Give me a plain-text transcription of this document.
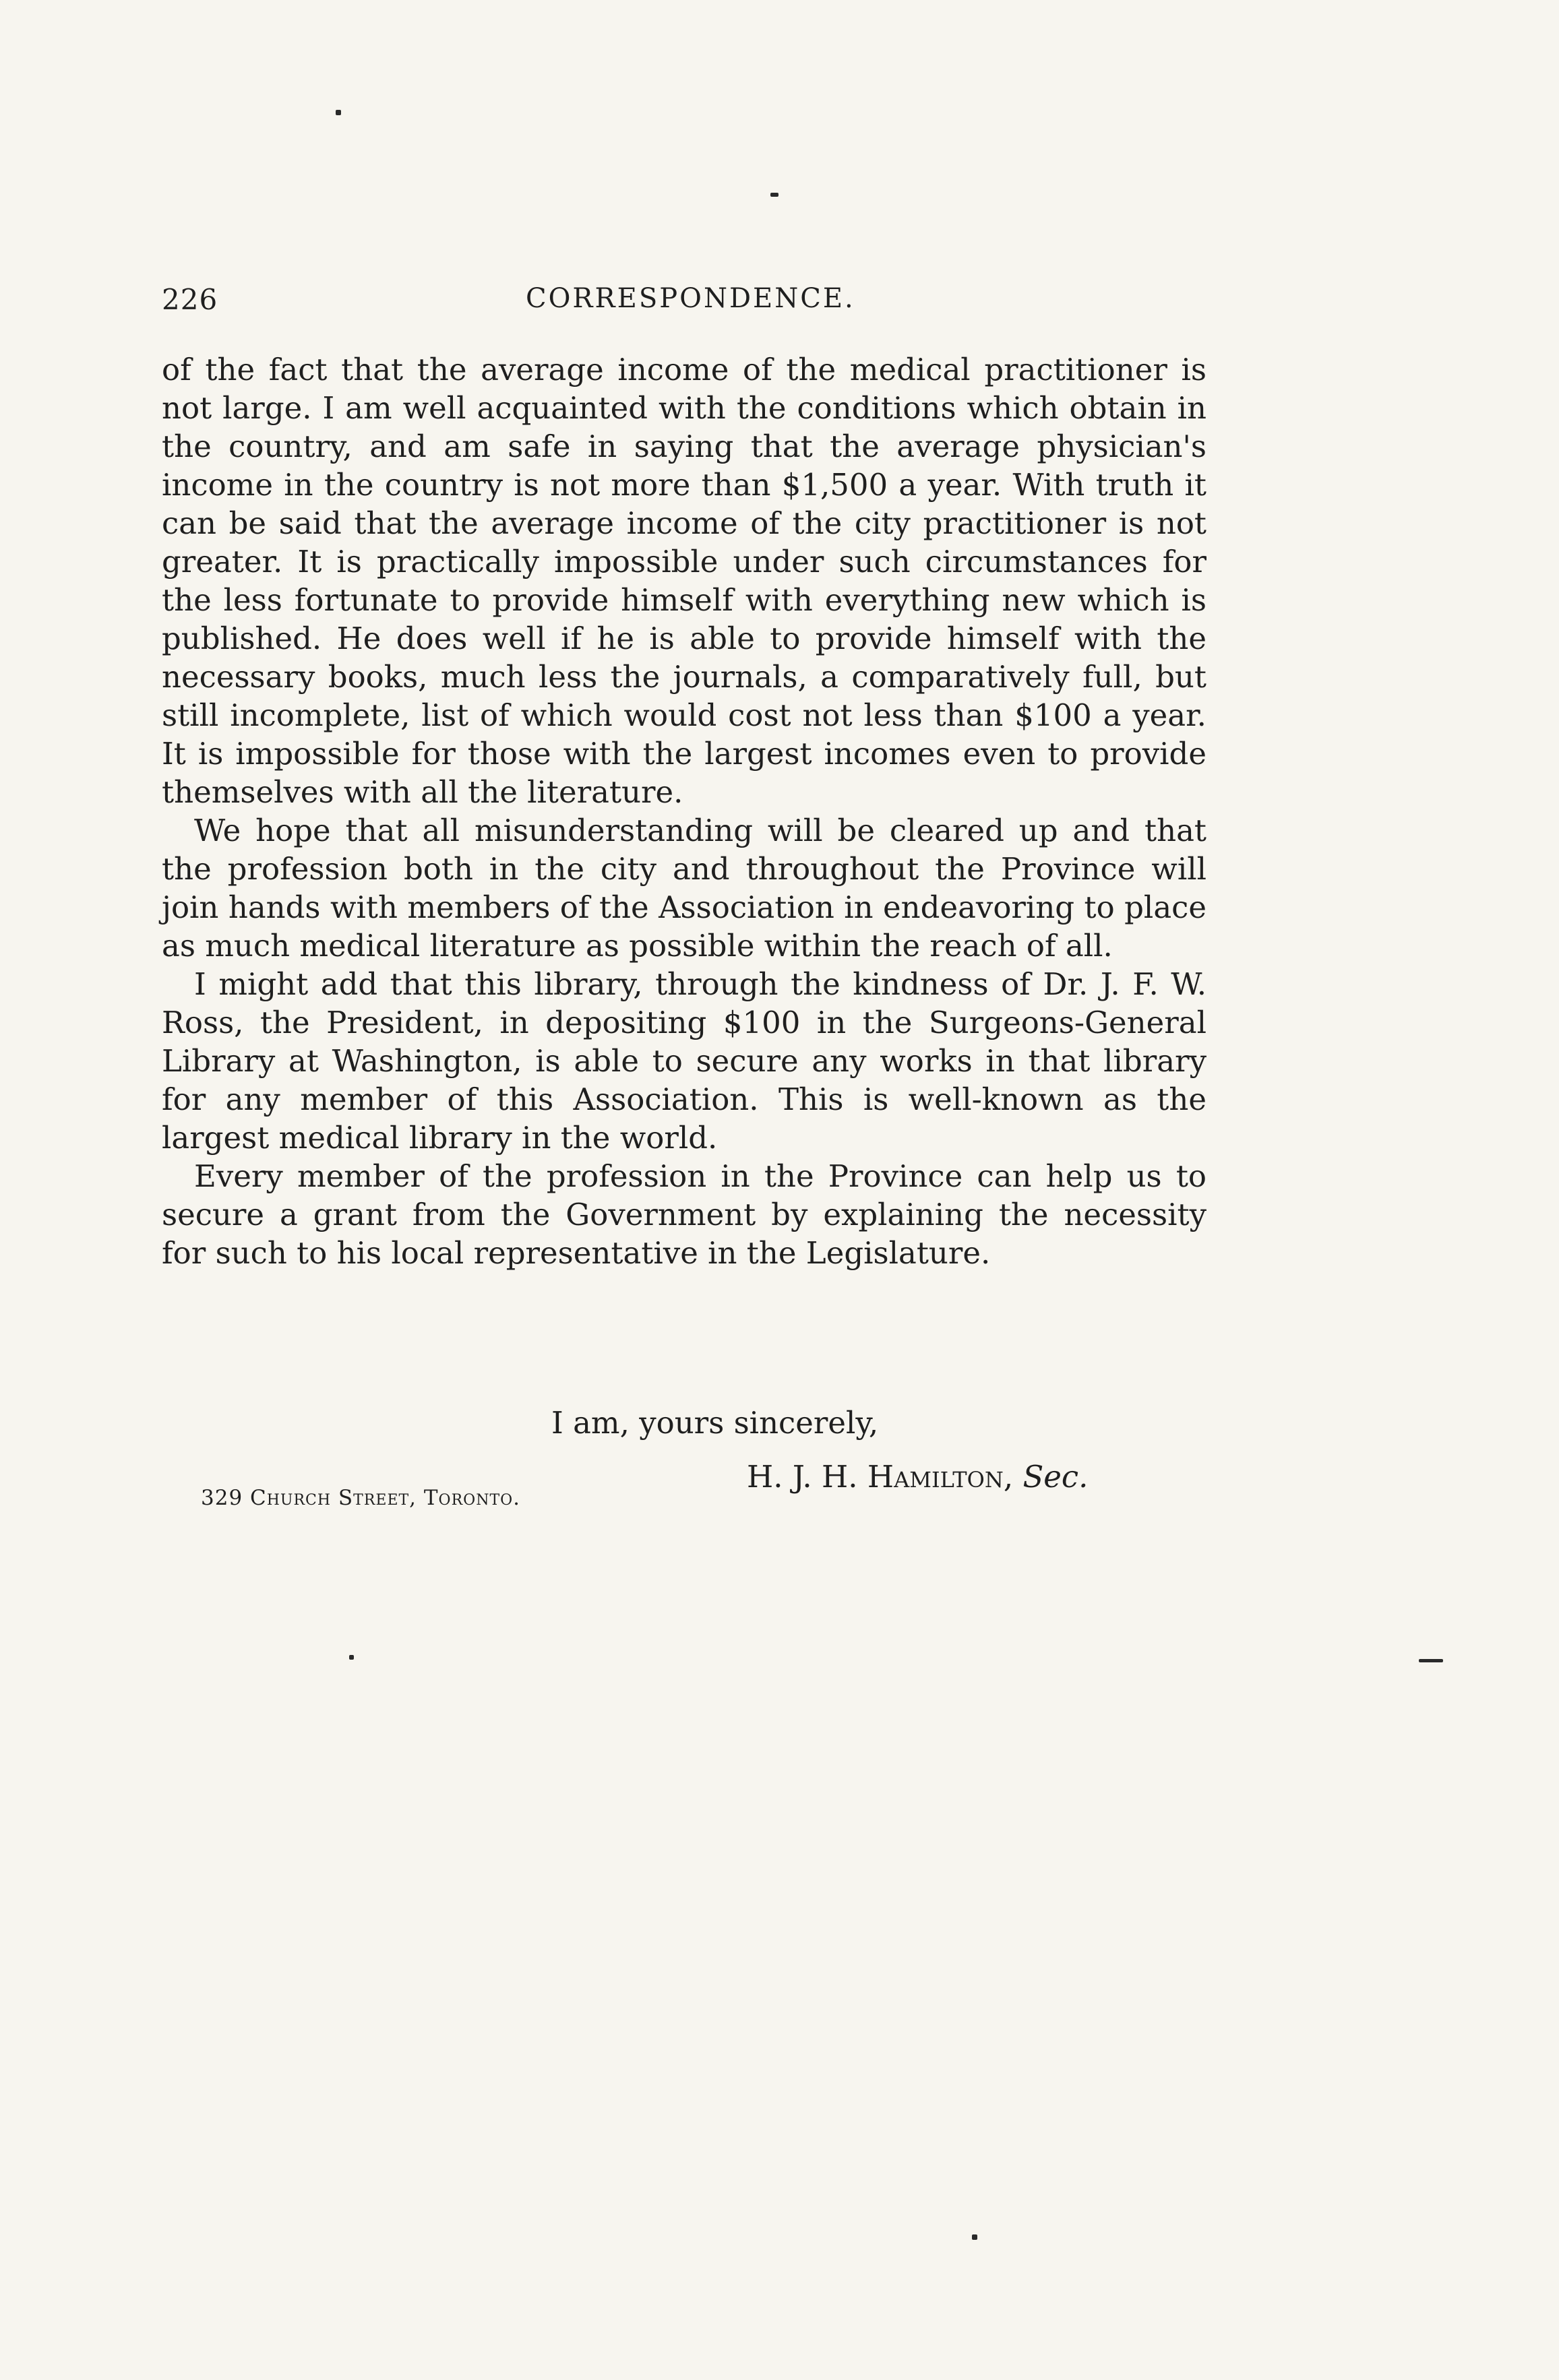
226	CORRESPONDENCE.

of the fact that the average income of the medical practitioner is not large. I am well acquainted with the conditions which obtain in the country, and am safe in saying that the average physician's income in the country is not more than $1,500 a year. With truth it can be said that the average income of the city practitioner is not greater. It is practically impossible under such circumstances for the less fortunate to provide himself with everything new which is published. He does well if he is able to provide himself with the necessary books, much less the journals, a comparatively full, but still incomplete, list of which would cost not less than $100 a year. It is impossible for those with the largest incomes even to provide themselves with all the literature.

We hope that all misunderstanding will be cleared up and that the profession both in the city and throughout the Province will join hands with members of the Association in endeavoring to place as much medical literature as possible within the reach of all.

I might add that this library, through the kindness of Dr. J. F. W. Ross, the President, in depositing $100 in the Surgeons-General Library at Washington, is able to secure any works in that library for any member of this Association. This is well-known as the largest medical library in the world.

Every member of the profession in the Province can help us to secure a grant from the Government by explaining the necessity for such to his local representative in the Legislature.

I am, yours sincerely,
H. J. H. Hamilton, Sec.
329 Church Street, Toronto.
